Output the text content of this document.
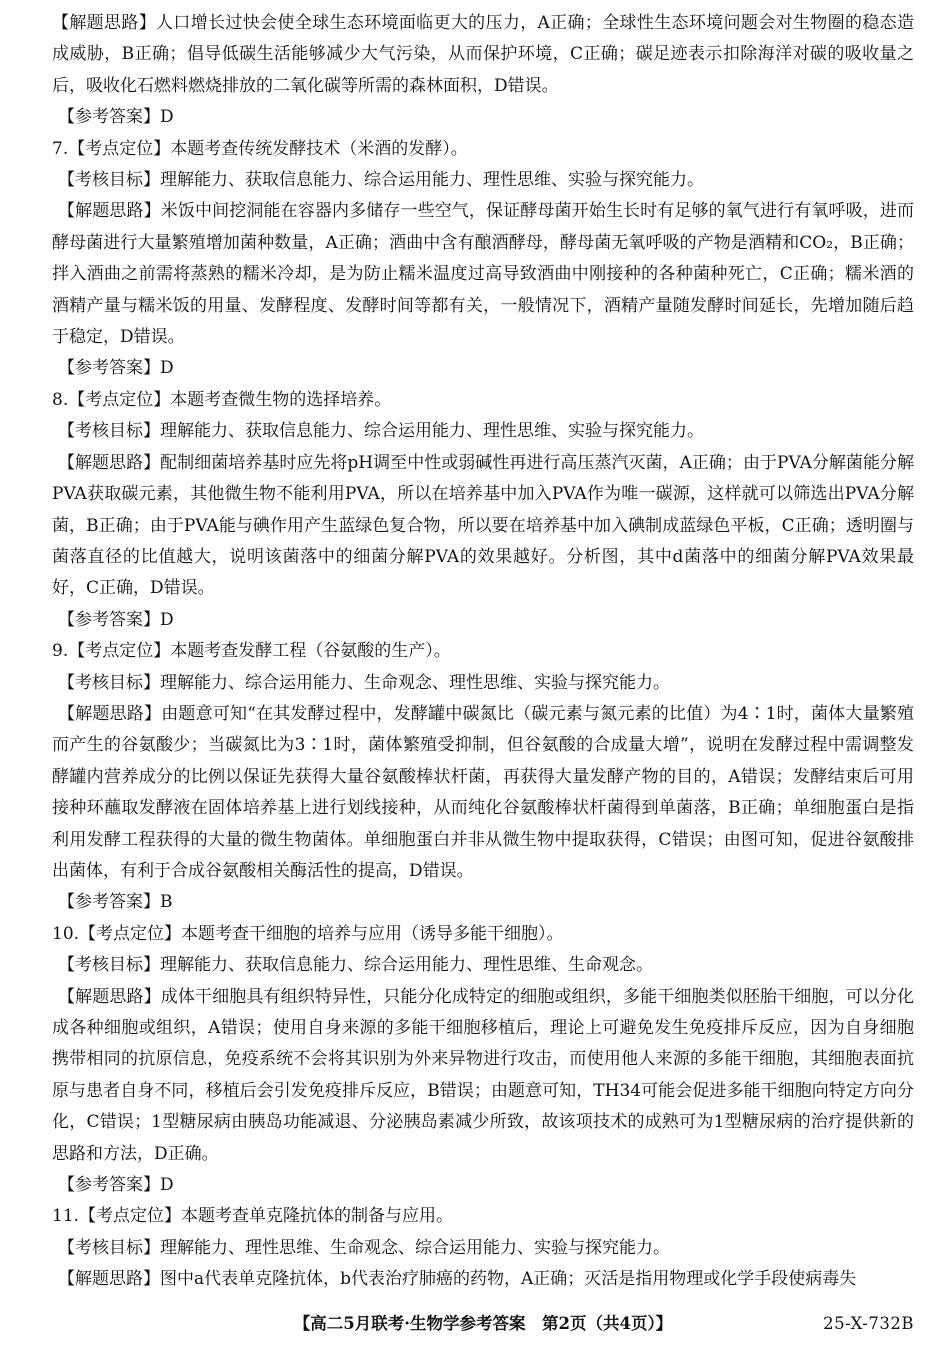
【解题思路】人口增长过快会使全球生态环境面临更大的压力，A正确；全球性生态环境问题会对生物圈的稳态造成威胁，B正确；倡导低碳生活能够减少大气污染，从而保护环境，C正确；碳足迹表示扣除海洋对碳的吸收量之后，吸收化石燃料燃烧排放的二氧化碳等所需的森林面积，D错误。
【参考答案】D
7.【考点定位】本题考查传统发酵技术（米酒的发酵）。
【考核目标】理解能力、获取信息能力、综合运用能力、理性思维、实验与探究能力。
【解题思路】米饭中间挖洞能在容器内多储存一些空气，保证酵母菌开始生长时有足够的氧气进行有氧呼吸，进而酵母菌进行大量繁殖增加菌种数量，A正确；酒曲中含有酿酒酵母，酵母菌无氧呼吸的产物是酒精和CO₂，B正确；拌入酒曲之前需将蒸熟的糯米冷却，是为防止糯米温度过高导致酒曲中刚接种的各种菌种死亡，C正确；糯米酒的酒精产量与糯米饭的用量、发酵程度、发酵时间等都有关，一般情况下，酒精产量随发酵时间延长，先增加随后趋于稳定，D错误。
【参考答案】D
8.【考点定位】本题考查微生物的选择培养。
【考核目标】理解能力、获取信息能力、综合运用能力、理性思维、实验与探究能力。
【解题思路】配制细菌培养基时应先将pH调至中性或弱碱性再进行高压蒸汽灭菌，A正确；由于PVA分解菌能分解PVA获取碳元素，其他微生物不能利用PVA，所以在培养基中加入PVA作为唯一碳源，这样就可以筛选出PVA分解菌，B正确；由于PVA能与碘作用产生蓝绿色复合物，所以要在培养基中加入碘制成蓝绿色平板，C正确；透明圈与菌落直径的比值越大，说明该菌落中的细菌分解PVA的效果越好。分析图，其中d菌落中的细菌分解PVA效果最好，C正确，D错误。
【参考答案】D
9.【考点定位】本题考查发酵工程（谷氨酸的生产）。
【考核目标】理解能力、综合运用能力、生命观念、理性思维、实验与探究能力。
【解题思路】由题意可知“在其发酵过程中，发酵罐中碳氮比（碳元素与氮元素的比值）为4∶1时，菌体大量繁殖而产生的谷氨酸少；当碳氮比为3∶1时，菌体繁殖受抑制，但谷氨酸的合成量大增”，说明在发酵过程中需调整发酵罐内营养成分的比例以保证先获得大量谷氨酸棒状杆菌，再获得大量发酵产物的目的，A错误；发酵结束后可用接种环蘸取发酵液在固体培养基上进行划线接种，从而纯化谷氨酸棒状杆菌得到单菌落，B正确；单细胞蛋白是指利用发酵工程获得的大量的微生物菌体。单细胞蛋白并非从微生物中提取获得，C错误；由图可知，促进谷氨酸排出菌体，有利于合成谷氨酸相关酶活性的提高，D错误。
【参考答案】B
10.【考点定位】本题考查干细胞的培养与应用（诱导多能干细胞）。
【考核目标】理解能力、获取信息能力、综合运用能力、理性思维、生命观念。
【解题思路】成体干细胞具有组织特异性，只能分化成特定的细胞或组织，多能干细胞类似胚胎干细胞，可以分化成各种细胞或组织，A错误；使用自身来源的多能干细胞移植后，理论上可避免发生免疫排斥反应，因为自身细胞携带相同的抗原信息，免疫系统不会将其识别为外来异物进行攻击，而使用他人来源的多能干细胞，其细胞表面抗原与患者自身不同，移植后会引发免疫排斥反应，B错误；由题意可知，TH34可能会促进多能干细胞向特定方向分化，C错误；1型糖尿病由胰岛功能减退、分泌胰岛素减少所致，故该项技术的成熟可为1型糖尿病的治疗提供新的思路和方法，D正确。
【参考答案】D
11.【考点定位】本题考查单克隆抗体的制备与应用。
【考核目标】理解能力、理性思维、生命观念、综合运用能力、实验与探究能力。
【解题思路】图中a代表单克隆抗体，b代表治疗肺癌的药物，A正确；灭活是指用物理或化学手段使病毒失
【高二5月联考·生物学参考答案　第2页（共4页）】	25-X-732B
